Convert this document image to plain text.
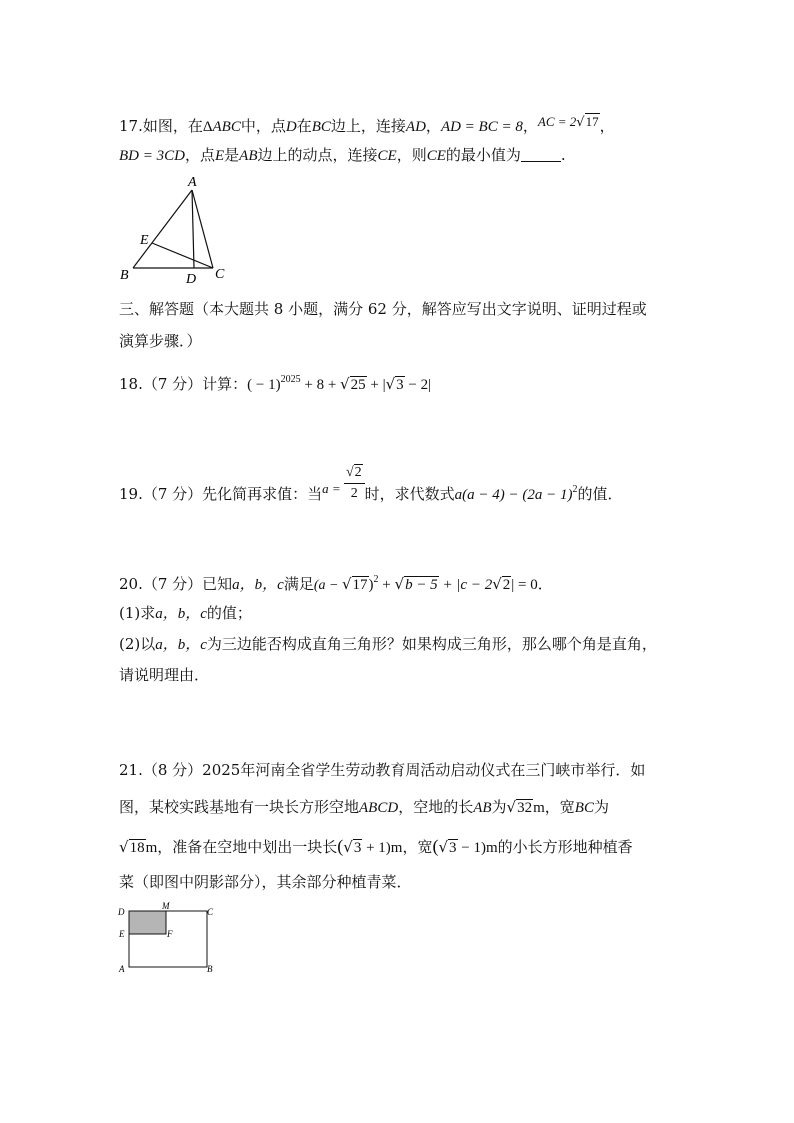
17.如图，在ΔABC中，点D在BC边上，连接AD，AD = BC = 8，AC = 2√17，
BD = 3CD，点E是AB边上的动点，连接CE，则CE的最小值为	.
A
B	C
D
E
三、解答题（本大题共 8 小题，满分 62 分，解答应写出文字说明、证明过程或
演算步骤．）
18.（7 分）计算：( − 1)$^{2025}$ + 8 + √25 + |√3 − 2|
19.（7 分）先化简再求值：当$a = \frac{√2}{2}$ 时，求代数式$a(a - 4) - (2a - 1)^2$的值．
20.（7 分）已知a，b，c满足$(a - √17)^2 + √b - 5 + |c - 2√2| = 0$．
(1)求a，b，c的值；
(2)以a，b，c为三边能否构成直角三角形？如果构成三角形，那么哪个角是直角，
请说明理由．
21.（8 分）2025年河南全省学生劳动教育周活动启动仪式在三门峡市举行．如
图，某校实践基地有一块长方形空地ABCD，空地的长AB为√32m，宽BC为
√18m，准备在空地中划出一块长(√3 + 1)m，宽(√3 − 1)m的小长方形地种植香
菜（即图中阴影部分），其余部分种植青菜．
D
M
C
E	F
A	B
